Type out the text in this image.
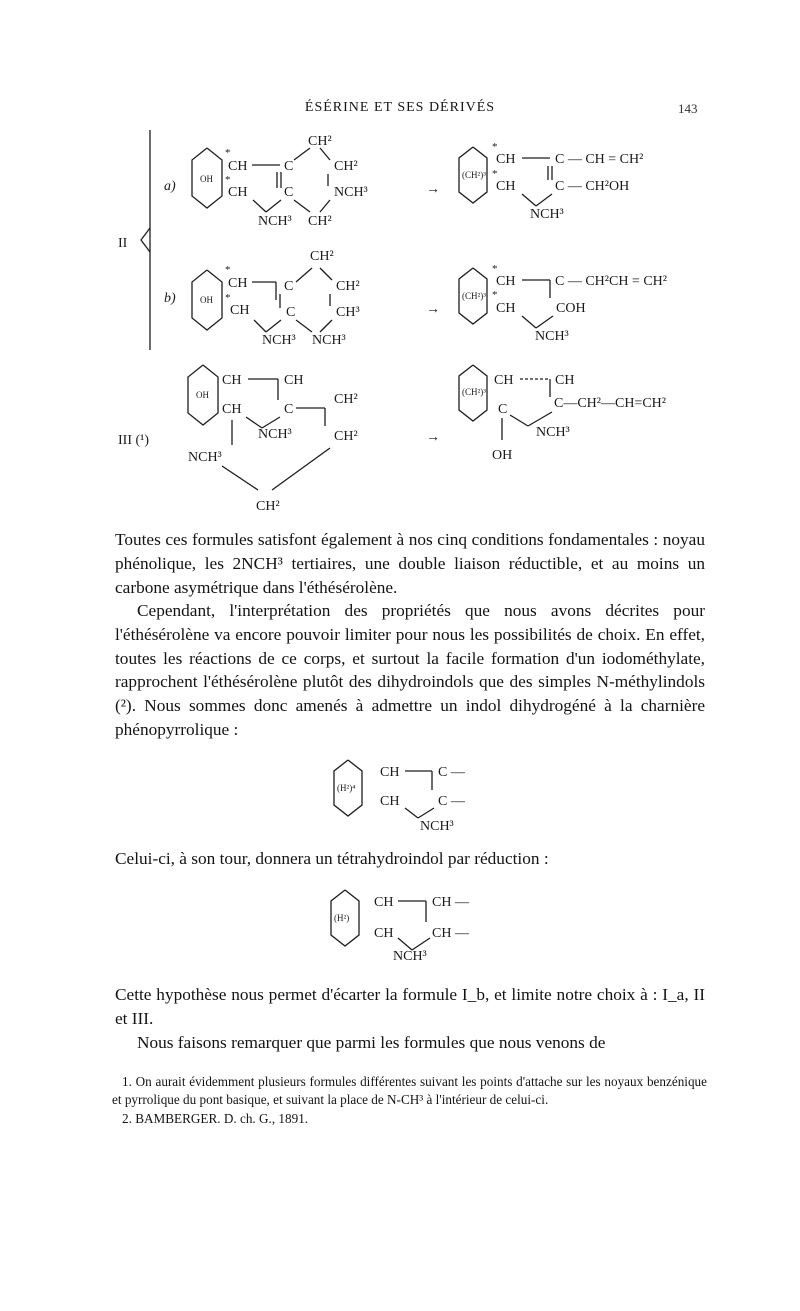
ÉSÉRINE ET SES DÉRIVÉS	143
II
a)	OH
*
CH	C
*
CH	C
CH²
CH²
NCH³
NCH³ CH²
→
(CH²)³
*
CH	C — CH = CH²
*
CH	C — CH²OH
NCH³
b)	OH
*
CH	C
*
CH	C
CH²
CH²
CH³
NCH³ NCH³
→
(CH²)³
*
CH	C — CH²CH = CH²
*
CH	COH
NCH³
III (¹)
OH
CH	CH
CH	C
CH²
NCH³	CH²
NCH³
CH²
→
(CH²)³
CH	CH
C	C—CH²—CH=CH²
NCH³
OH
(H²)⁴
CH	C —
CH	C —
NCH³
(H²)
CH	CH —
CH	CH —
NCH³

Toutes ces formules satisfont également à nos cinq conditions fondamentales : noyau phénolique, les 2NCH³ tertiaires, une double liaison réductible, et au moins un carbone asymétrique dans l'éthésérolène.

Cependant, l'interprétation des propriétés que nous avons décrites pour l'éthésérolène va encore pouvoir limiter pour nous les possibilités de choix. En effet, toutes les réactions de ce corps, et surtout la facile formation d'un iodométhylate, rapprochent l'éthésérolène plutôt des dihydroindols que des simples N-méthylindols (²). Nous sommes donc amenés à admettre un indol dihydrogéné à la charnière phénopyrrolique :

Celui-ci, à son tour, donnera un tétrahydroindol par réduction :

Cette hypothèse nous permet d'écarter la formule I_b, et limite notre choix à : I_a, II et III.

Nous faisons remarquer que parmi les formules que nous venons de

1. On aurait évidemment plusieurs formules différentes suivant les points d'attache sur les noyaux benzénique et pyrrolique du pont basique, et suivant la place de N-CH³ à l'intérieur de celui-ci.

2. BAMBERGER. D. ch. G., 1891.
